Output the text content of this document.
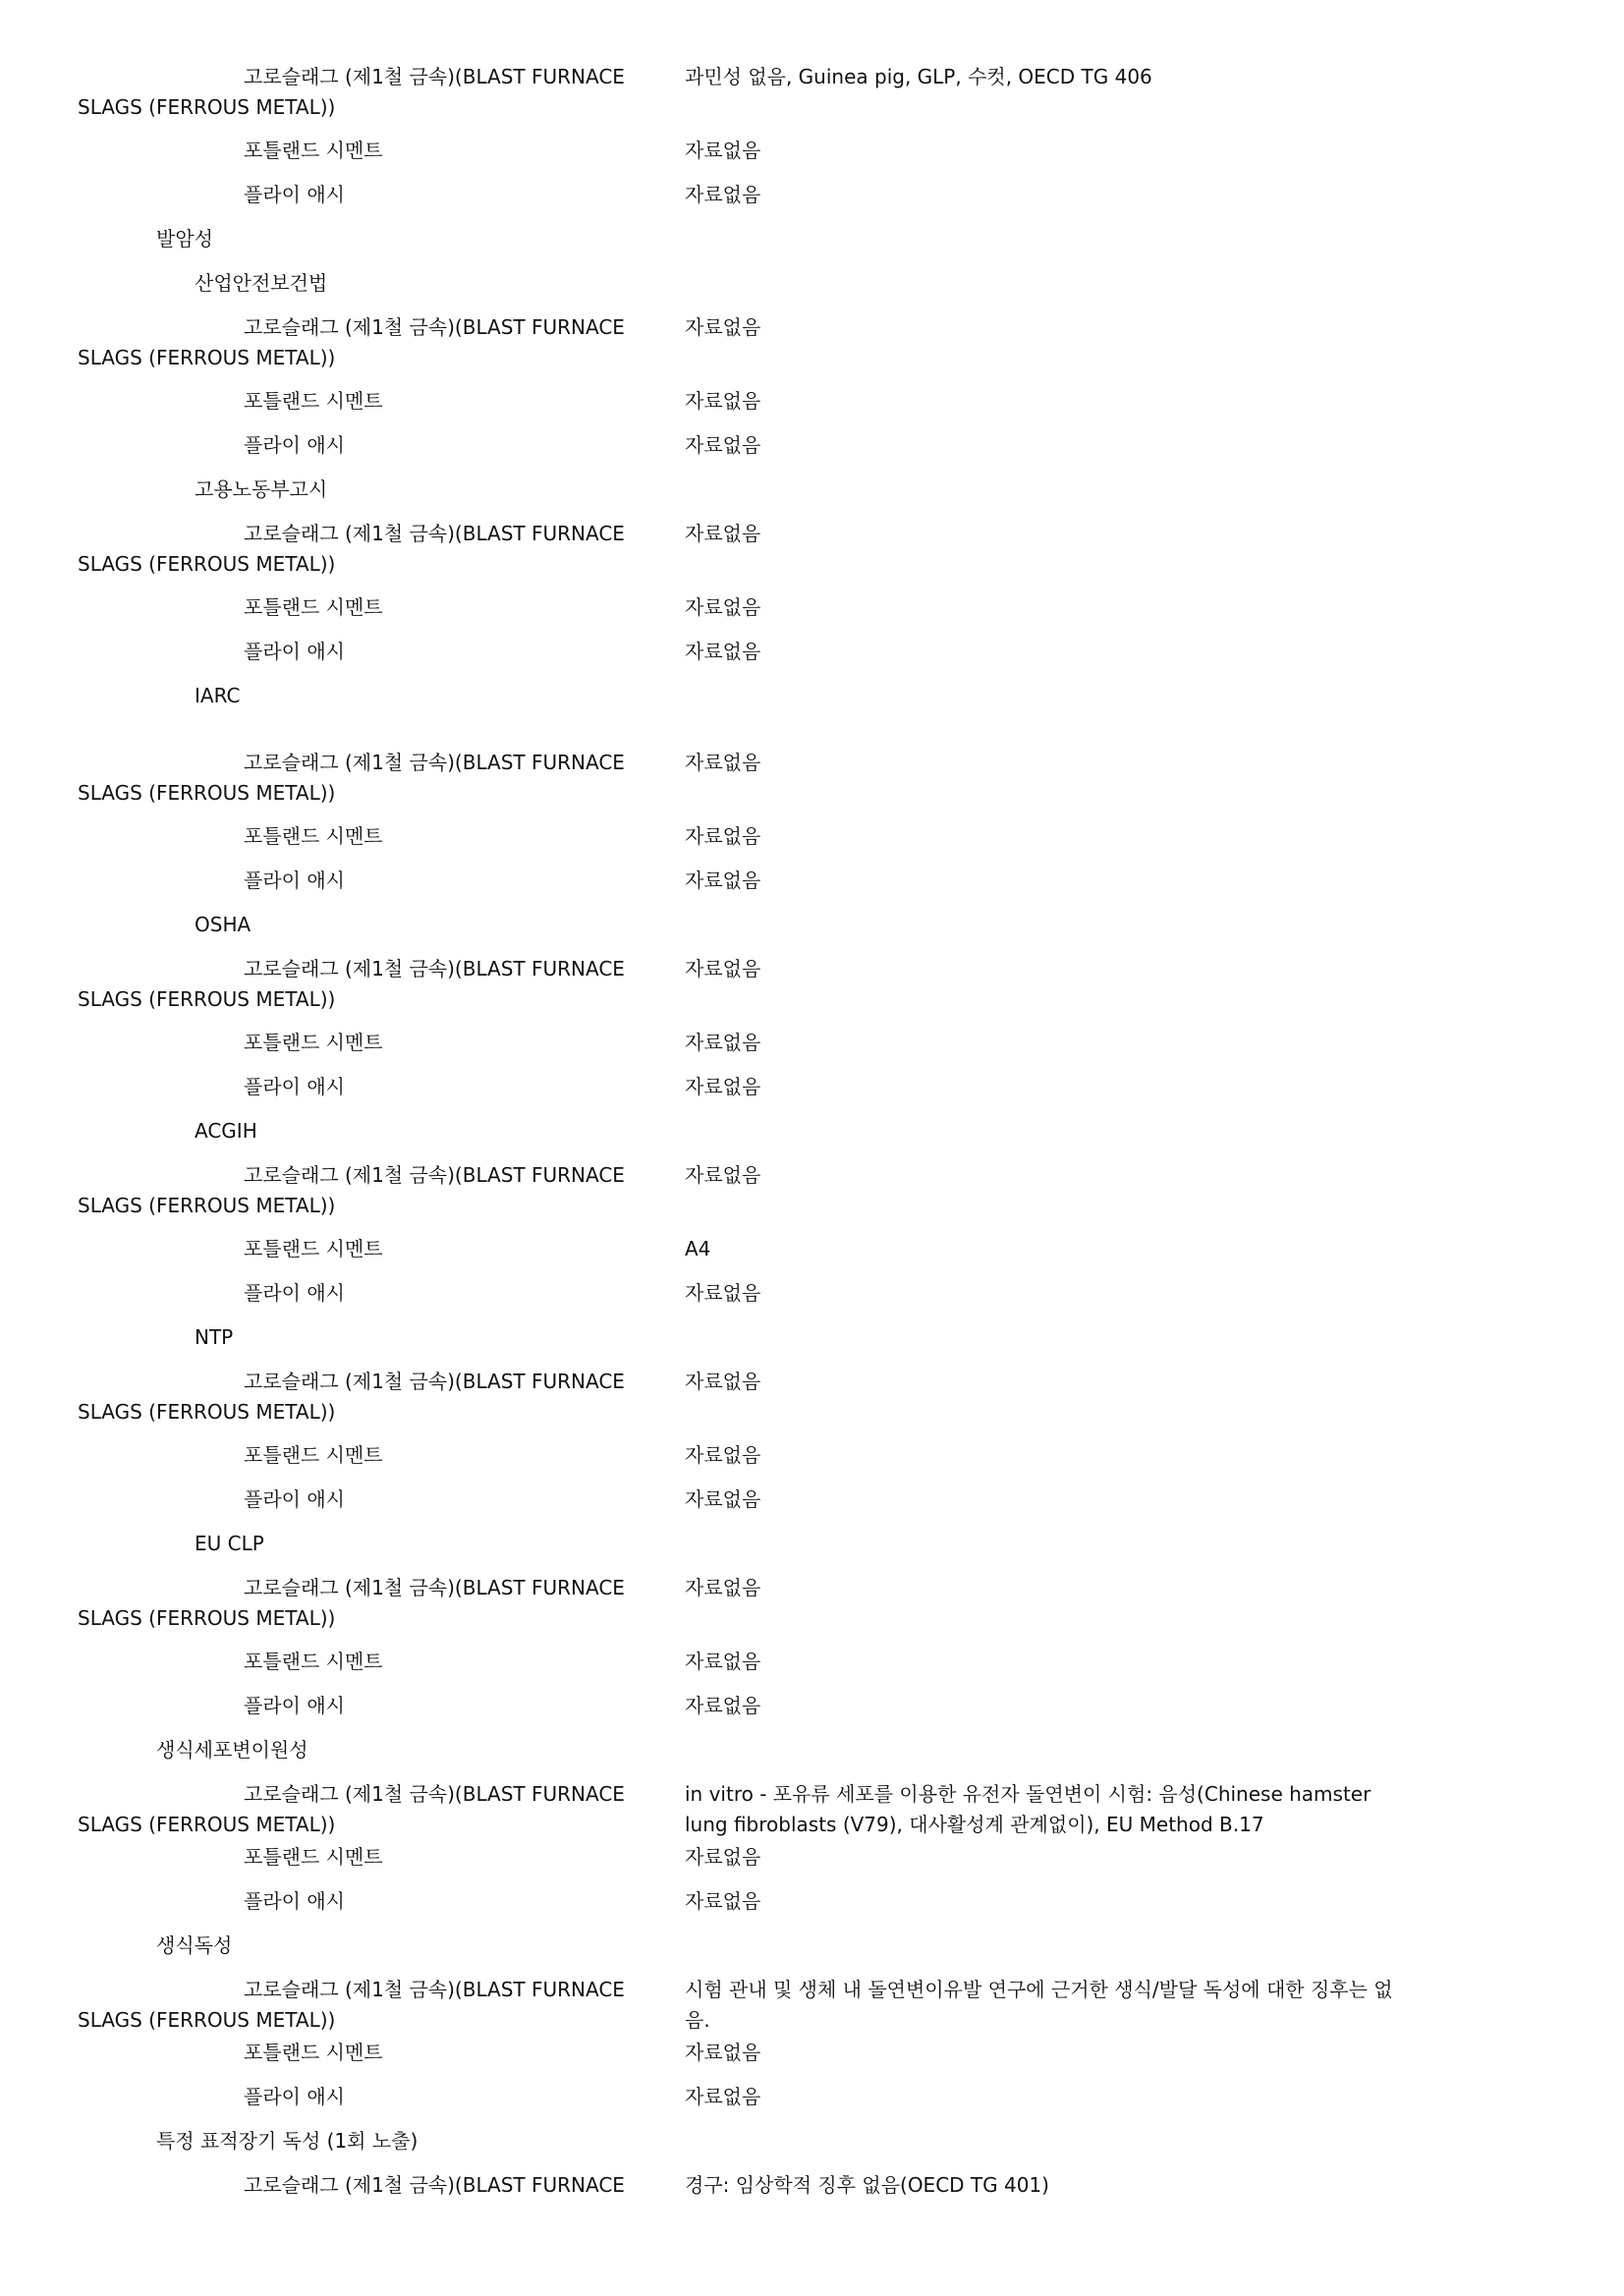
고로슬래그 (제1철 금속)(BLAST FURNACE	과민성 없음, Guinea pig, GLP, 수컷, OECD TG 406
SLAGS (FERROUS METAL))
포틀랜드 시멘트	자료없음
플라이 애시	자료없음
발암성
산업안전보건법
고로슬래그 (제1철 금속)(BLAST FURNACE	자료없음
SLAGS (FERROUS METAL))
포틀랜드 시멘트	자료없음
플라이 애시	자료없음
고용노동부고시
고로슬래그 (제1철 금속)(BLAST FURNACE	자료없음
SLAGS (FERROUS METAL))
포틀랜드 시멘트	자료없음
플라이 애시	자료없음
IARC
고로슬래그 (제1철 금속)(BLAST FURNACE	자료없음
SLAGS (FERROUS METAL))
포틀랜드 시멘트	자료없음
플라이 애시	자료없음
OSHA
고로슬래그 (제1철 금속)(BLAST FURNACE	자료없음
SLAGS (FERROUS METAL))
포틀랜드 시멘트	자료없음
플라이 애시	자료없음
ACGIH
고로슬래그 (제1철 금속)(BLAST FURNACE	자료없음
SLAGS (FERROUS METAL))
포틀랜드 시멘트	A4
플라이 애시	자료없음
NTP
고로슬래그 (제1철 금속)(BLAST FURNACE	자료없음
SLAGS (FERROUS METAL))
포틀랜드 시멘트	자료없음
플라이 애시	자료없음
EU CLP
고로슬래그 (제1철 금속)(BLAST FURNACE	자료없음
SLAGS (FERROUS METAL))
포틀랜드 시멘트	자료없음
플라이 애시	자료없음
생식세포변이원성
고로슬래그 (제1철 금속)(BLAST FURNACE	in vitro - 포유류 세포를 이용한 유전자 돌연변이 시험: 음성(Chinese hamster
SLAGS (FERROUS METAL))	lung fibroblasts (V79), 대사활성계 관계없이), EU Method B.17
포틀랜드 시멘트	자료없음
플라이 애시	자료없음
생식독성
고로슬래그 (제1철 금속)(BLAST FURNACE	시험 관내 및 생체 내 돌연변이유발 연구에 근거한 생식/발달 독성에 대한 징후는 없
SLAGS (FERROUS METAL))	음.
포틀랜드 시멘트	자료없음
플라이 애시	자료없음
특정 표적장기 독성 (1회 노출)
고로슬래그 (제1철 금속)(BLAST FURNACE	경구: 임상학적 징후 없음(OECD TG 401)
